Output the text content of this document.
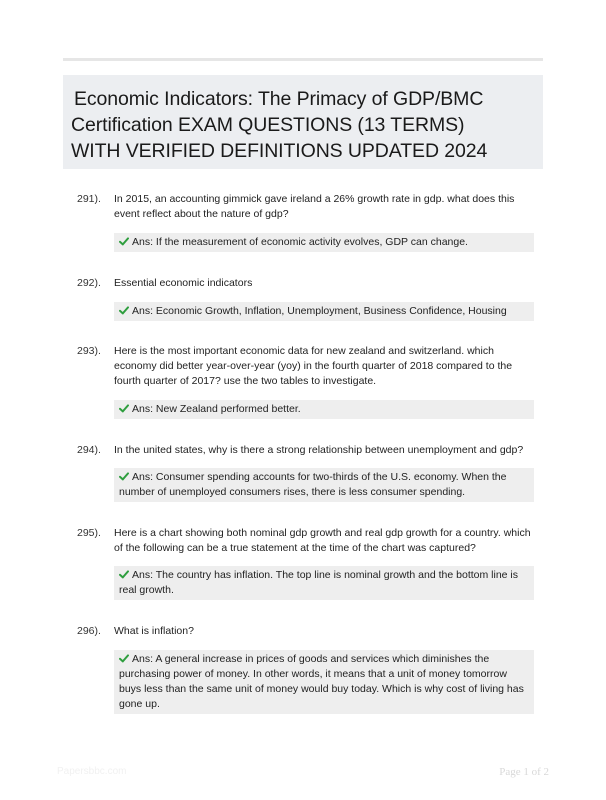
Economic Indicators: The Primacy of GDP/BMC
Certification EXAM QUESTIONS (13 TERMS)
WITH VERIFIED DEFINITIONS UPDATED 2024
291). In 2015, an accounting gimmick gave ireland a 26% growth rate in gdp. what does this event reflect about the nature of gdp?
Ans: If the measurement of economic activity evolves, GDP can change.
292). Essential economic indicators
Ans: Economic Growth, Inflation, Unemployment, Business Confidence, Housing
293). Here is the most important economic data for new zealand and switzerland. which economy did better year-over-year (yoy) in the fourth quarter of 2018 compared to the fourth quarter of 2017? use the two tables to investigate.
Ans: New Zealand performed better.
294). In the united states, why is there a strong relationship between unemployment and gdp?
Ans: Consumer spending accounts for two-thirds of the U.S. economy. When the number of unemployed consumers rises, there is less consumer spending.
295). Here is a chart showing both nominal gdp growth and real gdp growth for a country. which of the following can be a true statement at the time of the chart was captured?
Ans: The country has inflation. The top line is nominal growth and the bottom line is real growth.
296). What is inflation?
Ans: A general increase in prices of goods and services which diminishes the purchasing power of money. In other words, it means that a unit of money tomorrow buys less than the same unit of money would buy today. Which is why cost of living has gone up.
Papersbbc.com	Page 1 of 2
